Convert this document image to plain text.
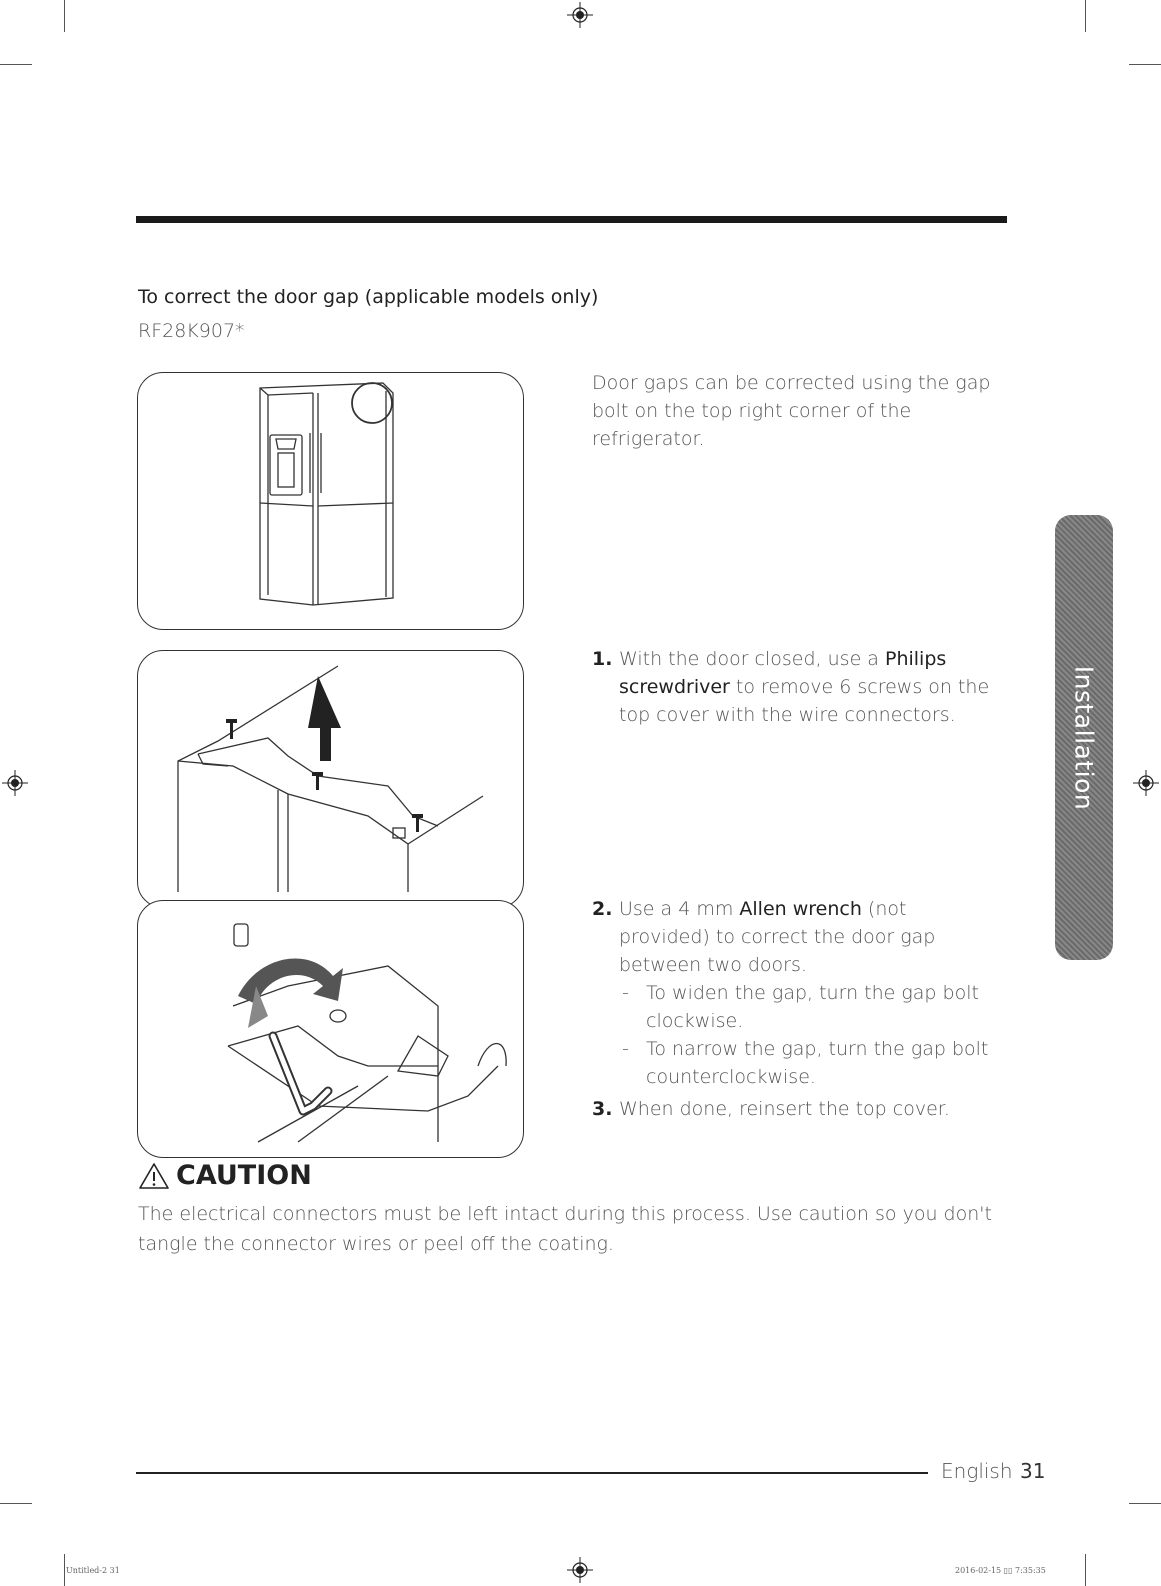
To correct the door gap (applicable models only)
RF28K907*
Door gaps can be corrected using the gap bolt on the top right corner of the refrigerator.
1. With the door closed, use a Philips screwdriver to remove 6 screws on the top cover with the wire connectors.
2. Use a 4 mm Allen wrench (not provided) to correct the door gap between two doors.
- To widen the gap, turn the gap bolt clockwise.
- To narrow the gap, turn the gap bolt counterclockwise.
3. When done, reinsert the top cover.
CAUTION
The electrical connectors must be left intact during this process. Use caution so you don't tangle the connector wires or peel off the coating.
Installation
English 31
Untitled-2 31	2016-02-15 ▯▯ 7:35:35
